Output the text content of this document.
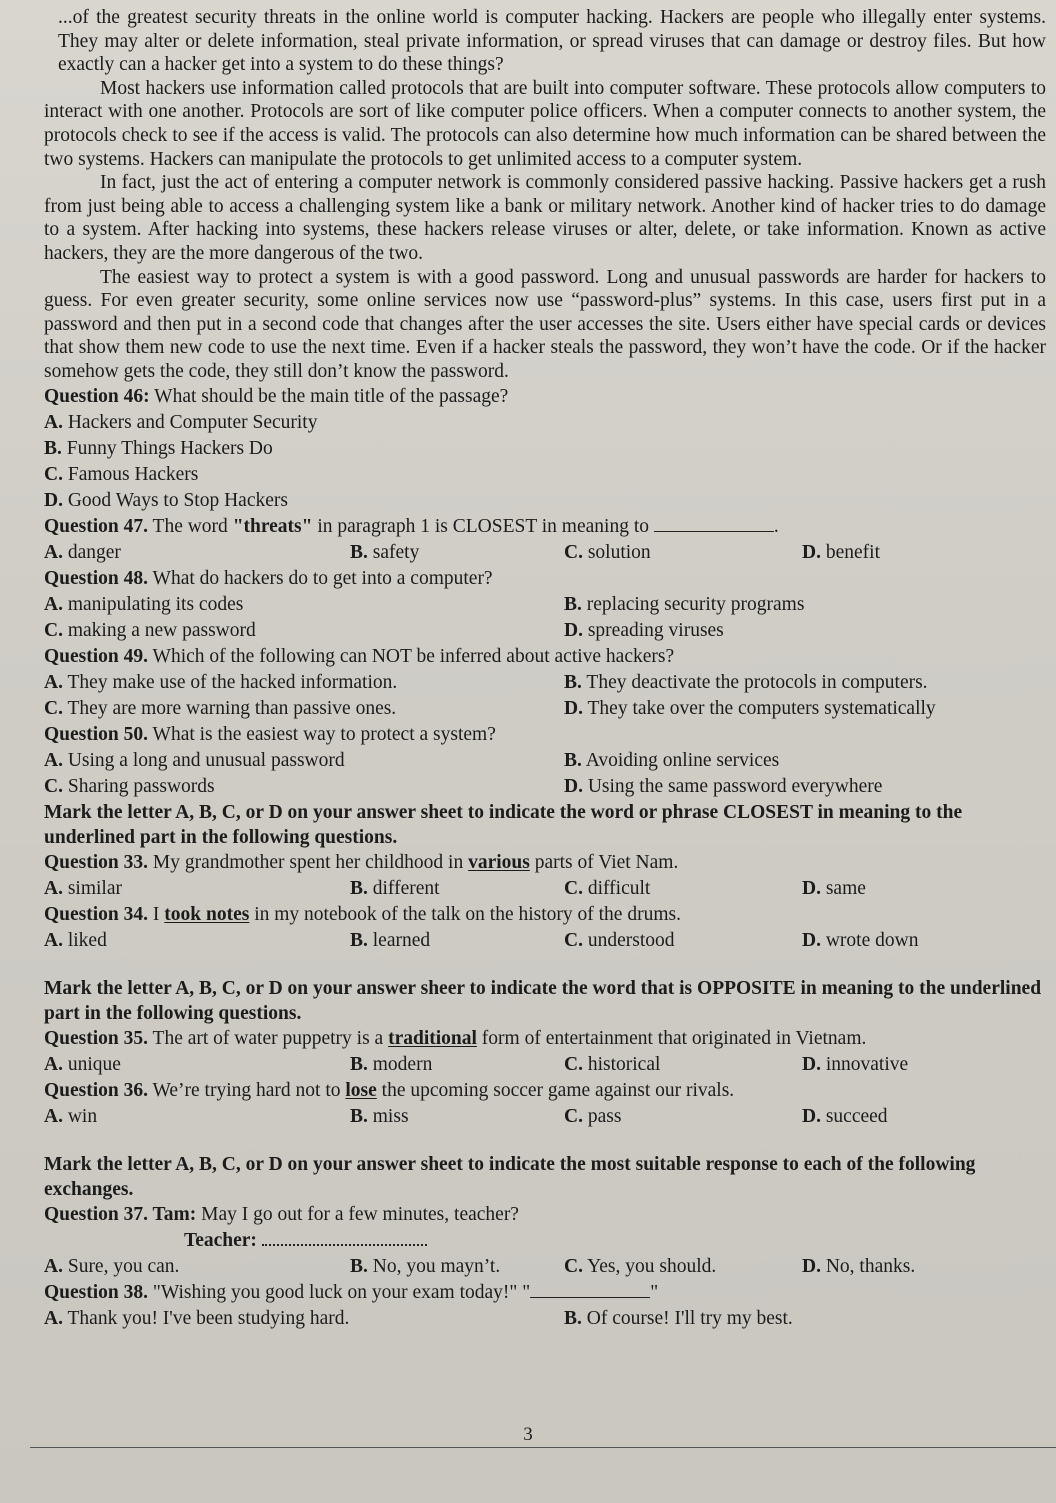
...of the greatest security threats in the online world is computer hacking. Hackers are people who illegally enter systems. They may alter or delete information, steal private information, or spread viruses that can damage or destroy files. But how exactly can a hacker get into a system to do these things?

Most hackers use information called protocols that are built into computer software. These protocols allow computers to interact with one another. Protocols are sort of like computer police officers. When a computer connects to another system, the protocols check to see if the access is valid. The protocols can also determine how much information can be shared between the two systems. Hackers can manipulate the protocols to get unlimited access to a computer system.

In fact, just the act of entering a computer network is commonly considered passive hacking. Passive hackers get a rush from just being able to access a challenging system like a bank or military network. Another kind of hacker tries to do damage to a system. After hacking into systems, these hackers release viruses or alter, delete, or take information. Known as active hackers, they are the more dangerous of the two.

The easiest way to protect a system is with a good password. Long and unusual passwords are harder for hackers to guess. For even greater security, some online services now use “password-plus” systems. In this case, users first put in a password and then put in a second code that changes after the user accesses the site. Users either have special cards or devices that show them new code to use the next time. Even if a hacker steals the password, they won’t have the code. Or if the hacker somehow gets the code, they still don’t know the password.

Question 46: What should be the main title of the passage?

A. Hackers and Computer Security

B. Funny Things Hackers Do

C. Famous Hackers

D. Good Ways to Stop Hackers

Question 47. The word "threats" in paragraph 1 is CLOSEST in meaning to	.

A. danger	B. safety	C. solution	D. benefit

Question 48. What do hackers do to get into a computer?

A. manipulating its codes	B. replacing security programs
C. making a new password	D. spreading viruses

Question 49. Which of the following can NOT be inferred about active hackers?

A. They make use of the hacked information.	B. They deactivate the protocols in computers.
C. They are more warning than passive ones.	D. They take over the computers systematically

Question 50. What is the easiest way to protect a system?

A. Using a long and unusual password	B. Avoiding online services
C. Sharing passwords	D. Using the same password everywhere

Mark the letter A, B, C, or D on your answer sheet to indicate the word or phrase CLOSEST in meaning to the underlined part in the following questions.

Question 33. My grandmother spent her childhood in various parts of Viet Nam.

A. similar	B. different	C. difficult	D. same

Question 34. I took notes in my notebook of the talk on the history of the drums.

A. liked	B. learned	C. understood	D. wrote down

Mark the letter A, B, C, or D on your answer sheer to indicate the word that is OPPOSITE in meaning to the underlined part in the following questions.

Question 35. The art of water puppetry is a traditional form of entertainment that originated in Vietnam.

A. unique	B. modern	C. historical	D. innovative

Question 36. We’re trying hard not to lose the upcoming soccer game against our rivals.

A. win	B. miss	C. pass	D. succeed

Mark the letter A, B, C, or D on your answer sheet to indicate the most suitable response to each of the following exchanges.

Question 37. Tam: May I go out for a few minutes, teacher?

Teacher:

A. Sure, you can.	B. No, you mayn’t.	C. Yes, you should.	D. No, thanks.

Question 38. "Wishing you good luck on your exam today!" "	"

A. Thank you! I've been studying hard.	B. Of course! I'll try my best.
3
